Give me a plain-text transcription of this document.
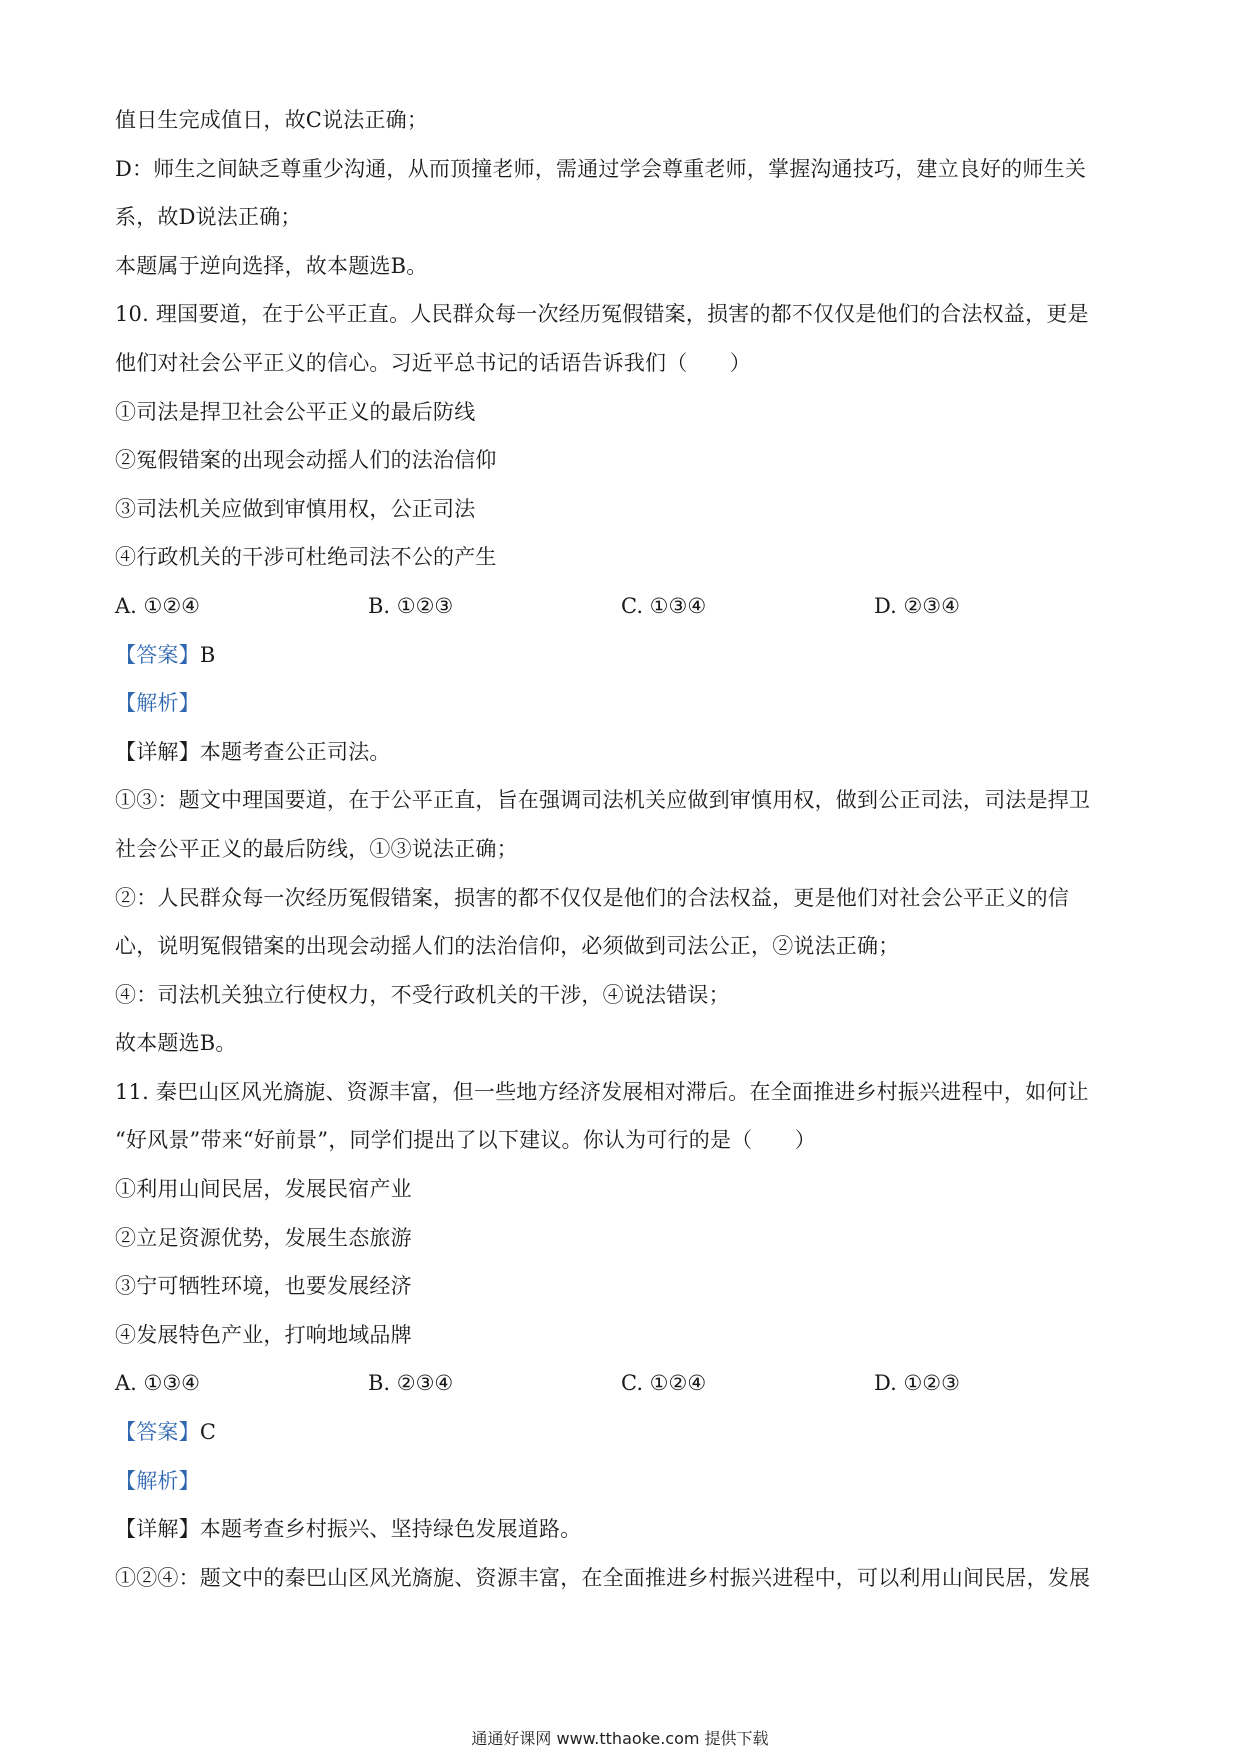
值日生完成值日，故C说法正确；
D：师生之间缺乏尊重少沟通，从而顶撞老师，需通过学会尊重老师，掌握沟通技巧，建立良好的师生关
系，故D说法正确；
本题属于逆向选择，故本题选B。
10. 理国要道，在于公平正直。人民群众每一次经历冤假错案，损害的都不仅仅是他们的合法权益，更是
他们对社会公平正义的信心。习近平总书记的话语告诉我们（　　）
①司法是捍卫社会公平正义的最后防线
②冤假错案的出现会动摇人们的法治信仰
③司法机关应做到审慎用权，公正司法
④行政机关的干涉可杜绝司法不公的产生
A. ①②④	B. ①②③	C. ①③④	D. ②③④
【答案】B
【解析】
【详解】本题考查公正司法。
①③：题文中理国要道，在于公平正直，旨在强调司法机关应做到审慎用权，做到公正司法，司法是捍卫
社会公平正义的最后防线，①③说法正确；
②：人民群众每一次经历冤假错案，损害的都不仅仅是他们的合法权益，更是他们对社会公平正义的信
心，说明冤假错案的出现会动摇人们的法治信仰，必须做到司法公正，②说法正确；
④：司法机关独立行使权力，不受行政机关的干涉，④说法错误；
故本题选B。
11. 秦巴山区风光旖旎、资源丰富，但一些地方经济发展相对滞后。在全面推进乡村振兴进程中，如何让
“好风景”带来“好前景”，同学们提出了以下建议。你认为可行的是（　　）
①利用山间民居，发展民宿产业
②立足资源优势，发展生态旅游
③宁可牺牲环境，也要发展经济
④发展特色产业，打响地域品牌
A. ①③④	B. ②③④	C. ①②④	D. ①②③
【答案】C
【解析】
【详解】本题考查乡村振兴、坚持绿色发展道路。
①②④：题文中的秦巴山区风光旖旎、资源丰富，在全面推进乡村振兴进程中，可以利用山间民居，发展
通通好课网 www.tthaoke.com 提供下载
